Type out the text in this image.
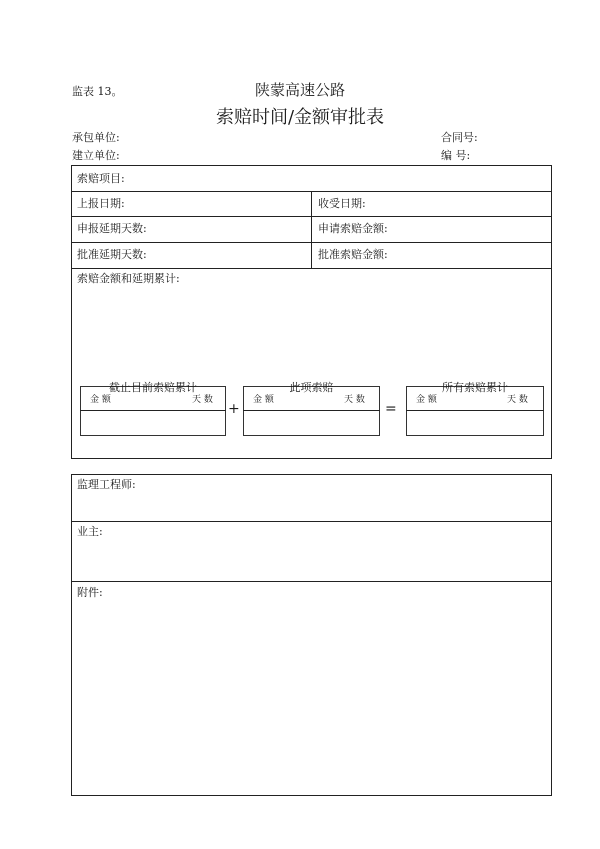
监表 13。	陕蒙高速公路
索赔时间/金额审批表
承包单位:
建立单位:
合同号:
编 号:
索赔项目:
上报日期:	收受日期:
申报延期天数:	申请索赔金额:
批准延期天数:	批准索赔金额:
索赔金额和延期累计:
截止目前索赔累计
金 额	天 数
+
此项索赔
金 额	天 数
=
所有索赔累计
金 额	天 数
监理工程师:
业主:
附件:
